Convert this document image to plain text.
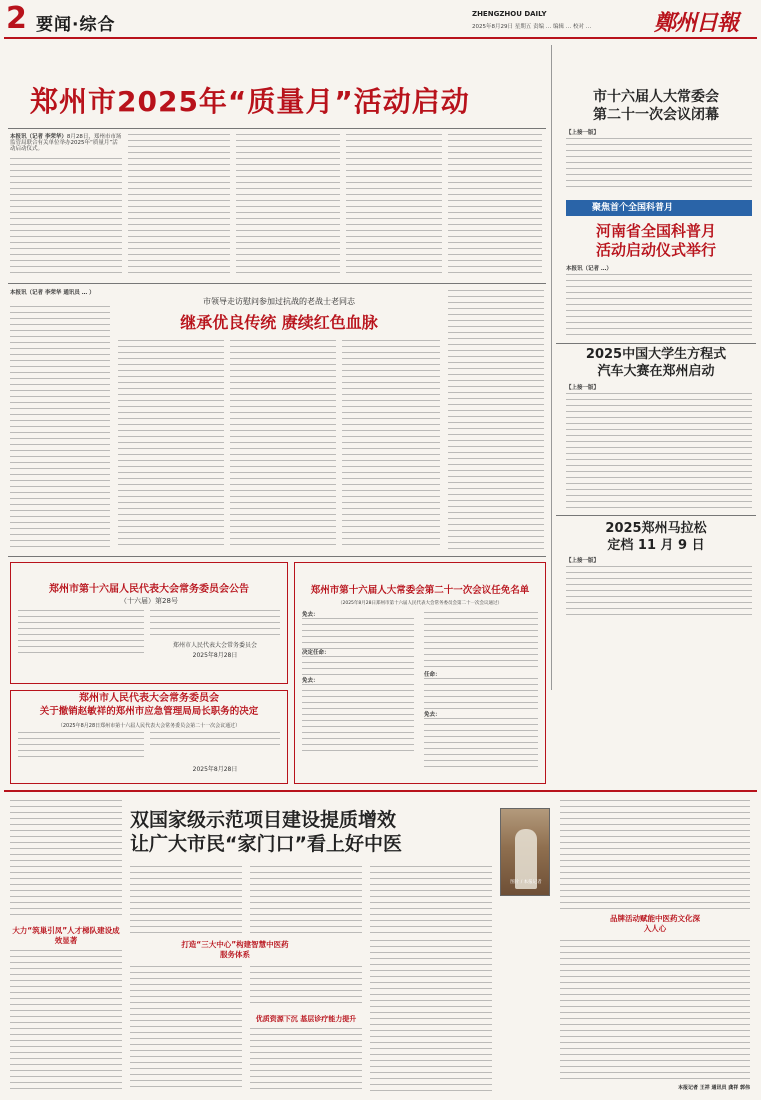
2 要闻·综合
ZHENGZHOU DAILY
2025年8月29日 星期五 责编 … 编辑 … 校对 …	鄭州日報
郑州市2025年“质量月”活动启动
本报讯（记者 李荣华）8月28日，郑州市市场监管局联合有关单位举办2025年“质量月”活动启动仪式。
市十六届人大常委会
第二十一次会议闭幕
【上接一版】
聚焦首个全国科普月
河南省全国科普月
活动启动仪式举行
本报讯（记者 …）
2025中国大学生方程式
汽车大赛在郑州启动
【上接一版】
2025郑州马拉松
定档 11 月 9 日
【上接一版】
本报讯（记者 李荣华 通讯员 … ）
市领导走访慰问参加过抗战的老战士老同志
继承优良传统 赓续红色血脉
郑州市第十六届人民代表大会常务委员会公告
（十六届）第28号
郑州市人民代表大会常务委员会
2025年8月28日
郑州市人民代表大会常务委员会
关于撤销赵敏祥的郑州市应急管理局局长职务的决定
（2025年8月28日郑州市第十六届人民代表大会常务委员会第二十一次会议通过）
2025年8月28日
郑州市第十六届人大常委会第二十一次会议任免名单
（2025年8月28日郑州市第十六届人民代表大会常务委员会第二十一次会议通过）
免去：
决定任命：
免去：
任命：
免去：
大力“筑巢引凤”人才梯队建设成效显著
双国家级示范项目建设提质增效
让广大市民“家门口”看上好中医
图片 / 本报记者
打造“三大中心”构建智慧中医药服务体系
优质资源下沉 基层诊疗能力提升
品牌活动赋能中医药文化深入人心
本报记者 王祥 通讯员 龚祥 郭伟
